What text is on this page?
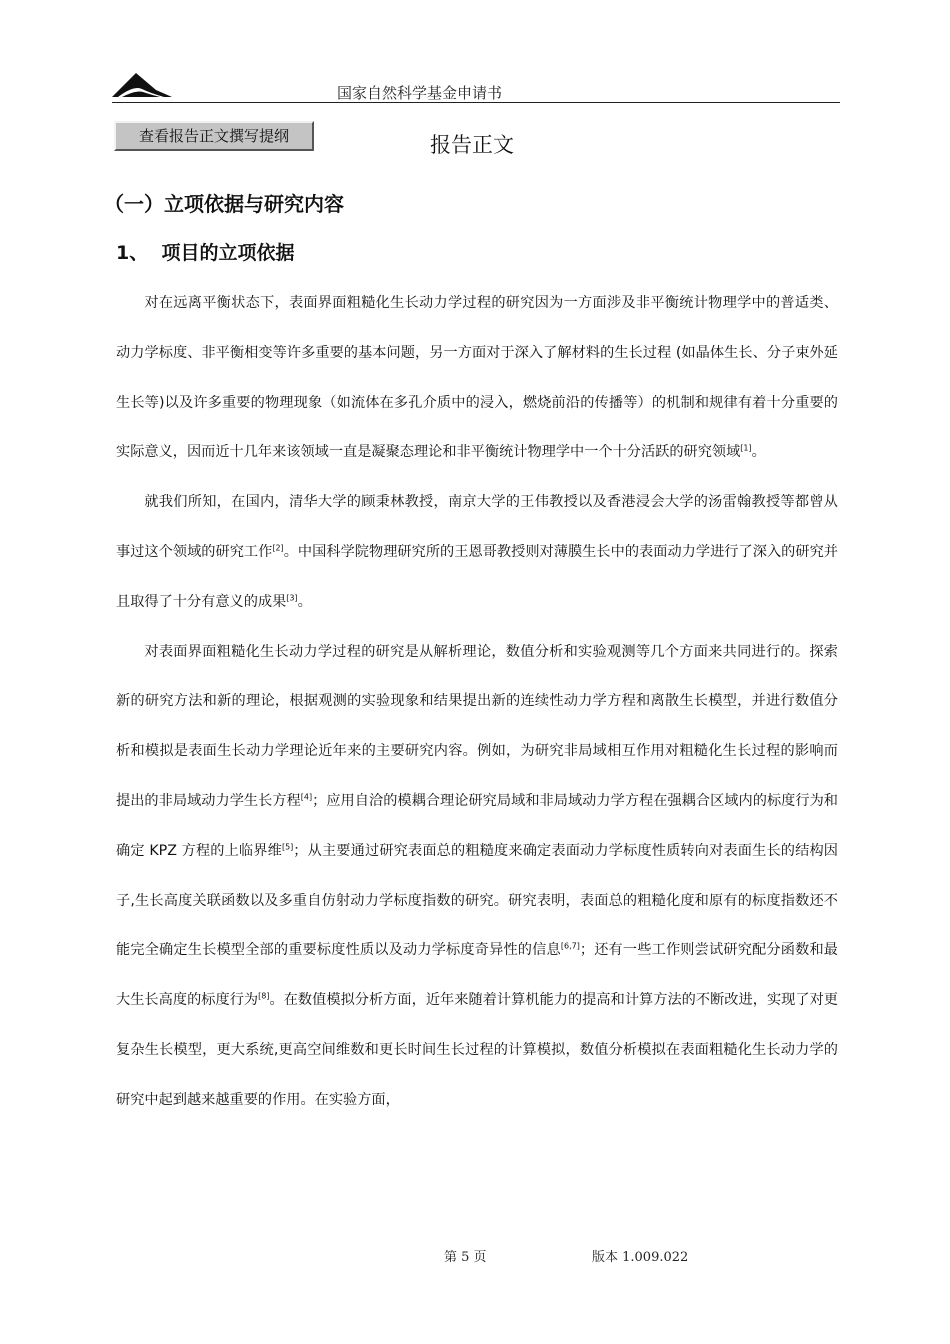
国家自然科学基金申请书
查看报告正文撰写提纲	报告正文
（一）立项依据与研究内容
1、  项目的立项依据

对在远离平衡状态下，表面界面粗糙化生长动力学过程的研究因为一方面涉及非平衡统计物理学中的普适类、动力学标度、非平衡相变等许多重要的基本问题，另一方面对于深入了解材料的生长过程 (如晶体生长、分子束外延生长等)以及许多重要的物理现象（如流体在多孔介质中的浸入，燃烧前沿的传播等）的机制和规律有着十分重要的实际意义，因而近十几年来该领域一直是凝聚态理论和非平衡统计物理学中一个十分活跃的研究领域[1]。

就我们所知，在国内，清华大学的顾秉林教授，南京大学的王伟教授以及香港浸会大学的汤雷翰教授等都曾从事过这个领域的研究工作[2]。中国科学院物理研究所的王恩哥教授则对薄膜生长中的表面动力学进行了深入的研究并且取得了十分有意义的成果[3]。

对表面界面粗糙化生长动力学过程的研究是从解析理论，数值分析和实验观测等几个方面来共同进行的。探索新的研究方法和新的理论，根据观测的实验现象和结果提出新的连续性动力学方程和离散生长模型，并进行数值分析和模拟是表面生长动力学理论近年来的主要研究内容。例如，为研究非局域相互作用对粗糙化生长过程的影响而提出的非局域动力学生长方程[4]；应用自洽的模耦合理论研究局域和非局域动力学方程在强耦合区域内的标度行为和确定 KPZ 方程的上临界维[5]；从主要通过研究表面总的粗糙度来确定表面动力学标度性质转向对表面生长的结构因子,生长高度关联函数以及多重自仿射动力学标度指数的研究。研究表明，表面总的粗糙化度和原有的标度指数还不能完全确定生长模型全部的重要标度性质以及动力学标度奇异性的信息[6,7]；还有一些工作则尝试研究配分函数和最大生长高度的标度行为[8]。在数值模拟分析方面，近年来随着计算机能力的提高和计算方法的不断改进，实现了对更复杂生长模型，更大系统,更高空间维数和更长时间生长过程的计算模拟，数值分析模拟在表面粗糙化生长动力学的研究中起到越来越重要的作用。在实验方面，

第 5 页	版本 1.009.022
